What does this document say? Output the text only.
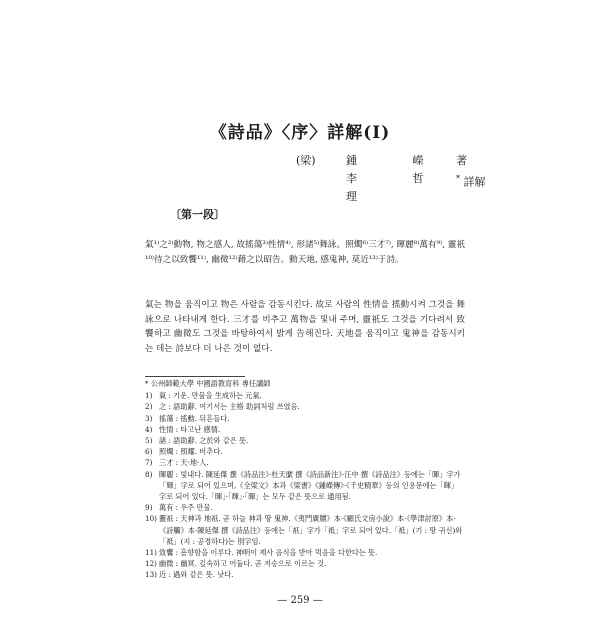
《詩品》〈序〉詳解(Ⅰ)
(梁)	鍾 嶸 著
李 哲 理
* 詳解
〔第一段〕
氣¹⁾之²⁾動物, 物之感人, 故搖蕩³⁾性情⁴⁾, 形諸⁵⁾舞詠。照燭⁶⁾三才⁷⁾, 暉麗⁸⁾萬有⁹⁾, 靈祇¹⁰⁾待之以致饗¹¹⁾, 幽微¹²⁾藉之以昭告。動天地, 感鬼神, 莫近¹³⁾于詩。
氣는 物을 움직이고 物은 사람을 감동시킨다. 故로 사람의 性情을 搖動시켜 그것을 舞詠으로 나타내게 한다. 三才를 비추고 萬物을 빛내 주며, 靈祇도 그것을 기다려서 致饗하고 幽微도 그것을 바탕하여서 밝게 告해진다. 天地를 움직이고 鬼神을 감동시키는 데는 詩보다 더 나은 것이 없다.
* 公州師範大學 中國語教育科 專任講師
1) 氣 : 기운. 만물을 生成하는 元氣.
2) 之 : 語助辭. 여기서는 主格 助詞처럼 쓰였음.
3) 搖蕩 : 搖動. 뒤흔들다.
4) 性情 : 타고난 感情.
5) 諸 : 語助辭. 之於와 같은 뜻.
6) 照燭 : 照耀. 비추다.
7) 三才 : 天·地·人.
8) 暉麗 : 빛내다. 陳延傑 撰《詩品注》·杜天縻 撰《詩品新注》·汪中 撰《詩品注》등에는「暉」字가「輝」字로 되어 있으며,《全梁文》本과《梁書》《鍾嶸傳》·《千史精華》등의 인용문에는「暉」字로 되어 있다.「暉」·「輝」·「暉」는 모두 같은 뜻으로 通用됨.
9) 萬有 : 우주 만물.
10) 靈祇 : 天神과 地祇. 곧 하늘 神과 땅 鬼神.《夷門廣牘》本·《顧氏文房小說》本·《學津討原》本·《詩觸》本·陳延傑 撰《詩品注》등에는「祇」字가「祗」字로 되어 있다.「祗」(기 : 땅 귀신)와「祗」(지 : 공경하다)는 別字임.
11) 致饗 : 흠향함을 이루다. 神明이 제사 음식을 받아 먹음을 다한다는 뜻.
12) 幽微 : 幽冥. 깊숙하고 어둡다. 곧 저승으로 이르는 것.
13) 近 : 過와 같은 뜻. 낫다.
— 259 —
